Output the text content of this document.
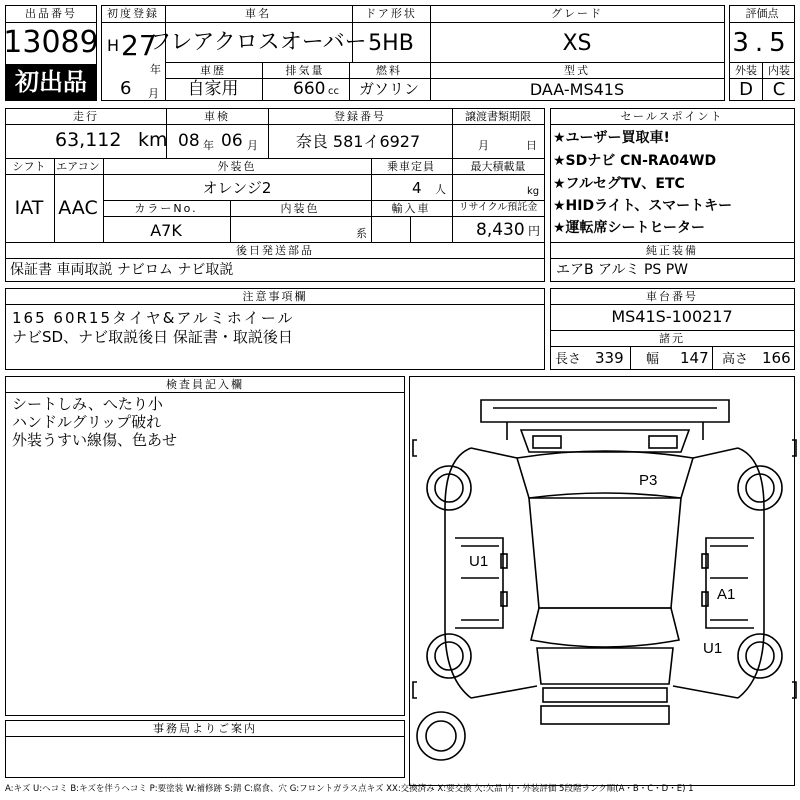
出品番号
13089
初出品
初度登録
H 27
年
6 月
車名
フレアクロスオーバー
ドア形状
5HB
グレード
XS
車歴
自家用
排気量
660 cc
燃料
ガソリン
型式
DAA-MS41S
評価点
3.5
外装 内装
D C
走行
63,112 km
車検
08 年 06 月
登録番号
奈良 581イ6927
譲渡書類期限
月	日
シフト エアコン
IAT AAC
外装色
オレンジ2
乗車定員
4 人
最大積載量
kg
カラーNo.
A7K
内装色
系
輸入車	リサイクル預託金
8,430 円
後日発送部品
保証書 車両取説 ナビロム ナビ取説
セールスポイント
★ユーザー買取車!
★SDナビ CN-RA04WD
★フルセグTV、ETC
★HIDライト、スマートキー
★運転席シートヒーター
純正装備
エアB アルミ PS PW
注意事項欄
165 60R15タイヤ&アルミホイール
ナビSD、ナビ取説後日 保証書・取説後日
車台番号
MS41S-100217
諸元
長さ 339 幅 147 高さ 166
検査員記入欄
シートしみ、へたり小
ハンドルグリップ破れ
外装うすい線傷、色あせ
事務局よりご案内
P3
U1
A1
U1
A:キズ U:ヘコミ B:キズを伴うヘコミ P:要塗装 W:補修跡 S:錆 C:腐食、穴 G:フロントガラス点キズ XX:交換済み X:要交換 欠:欠品 内・外装評価 5段階ランク順(A・B・C・D・E) 1
